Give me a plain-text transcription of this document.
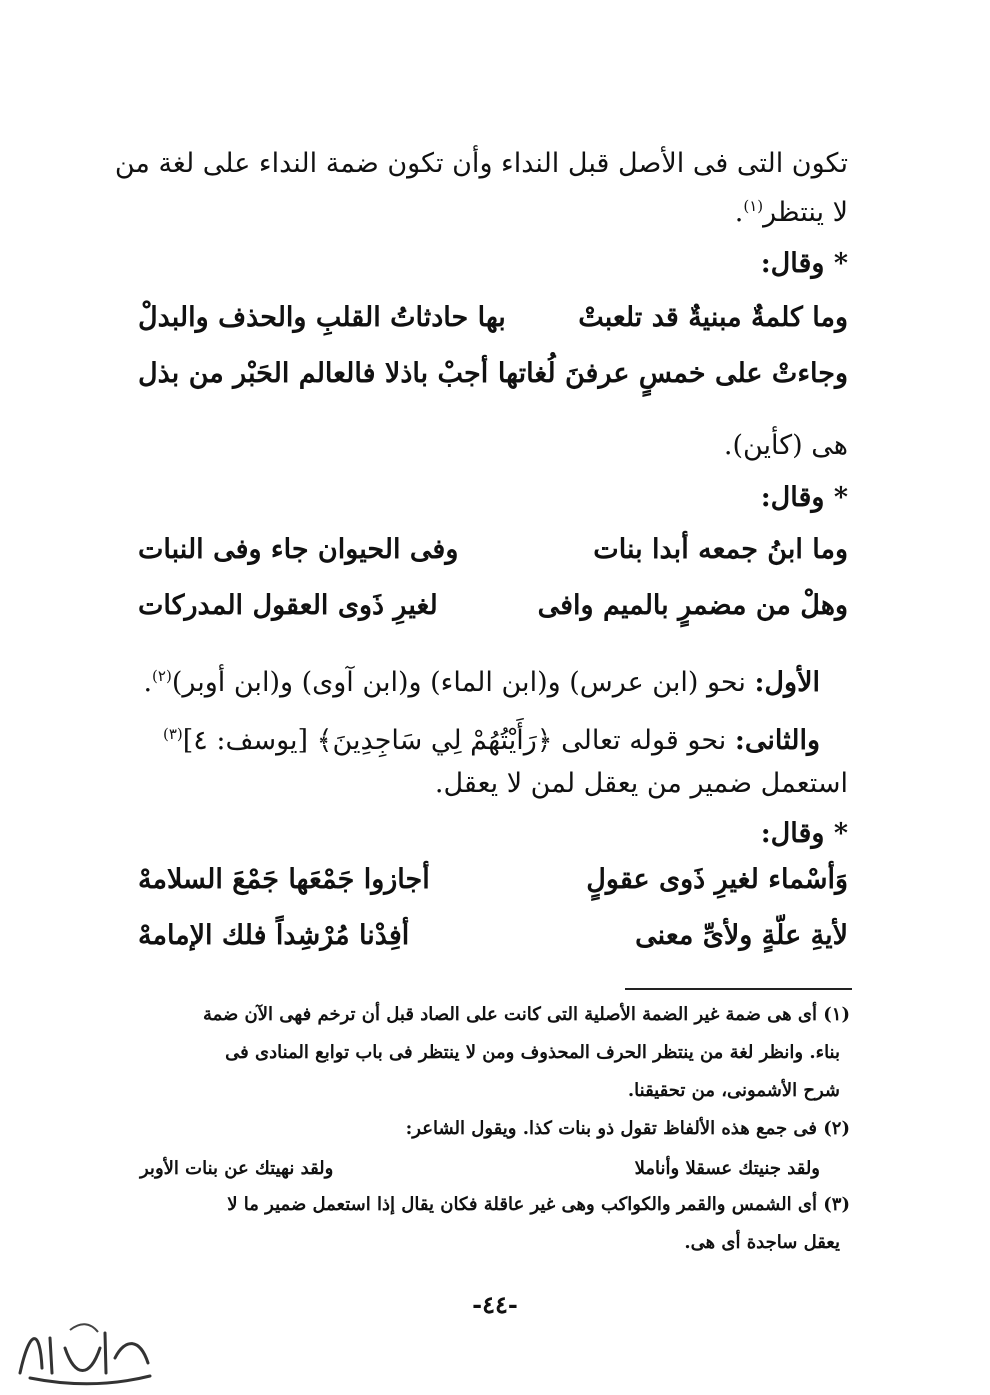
تكون التى فى الأصل قبل النداء وأن تكون ضمة النداء على لغة من
لا ينتظر$^{(١)}$.
* وقال:
وما كلمةٌ مبنيةٌ قد تلعبتْ
بها حادثاتُ القلبِ والحذف والبدلْ
وجاءتْ على خمسٍ عرفنَ لُغاتها
أجبْ باذلا فالعالم الحَبْر من بذل
هى (كأين).
* وقال:
وما ابنُ جمعه أبدا بنات
وفى الحيوان جاء وفى النبات
وهلْ من مضمرٍ بالميم وافى
لغيرِ ذَوى العقول المدركات
الأول: نحو (ابن عرس) و(ابن الماء) و(ابن آوى) و(ابن أوبر)$^{(٢)}$.
والثانى: نحو قوله تعالى ﴿رَأَيْتُهُمْ لِي سَاجِدِينَ﴾ [يوسف: ٤]$^{(٣)}$
استعمل ضمير من يعقل لمن لا يعقل.
* وقال:
وَأسْماء لغيرِ ذَوى عقولٍ
أجازوا جَمْعَها جَمْعَ السلامهْ
لأيةِ علّةٍ ولأىِّ معنى
أفِدْنا مُرْشِداً فلك الإمامهْ
(١) أى هى ضمة غير الضمة الأصلية التى كانت على الصاد قبل أن ترخم فهى الآن ضمة
بناء. وانظر لغة من ينتظر الحرف المحذوف ومن لا ينتظر فى باب توابع المنادى فى
شرح الأشمونى، من تحقيقنا.
(٢) فى جمع هذه الألفاظ تقول ذو بنات كذا. ويقول الشاعر:
ولقد جنيتك عسقلا وأناملا
ولقد نهيتك عن بنات الأوبر
(٣) أى الشمس والقمر والكواكب وهى غير عاقلة فكان يقال إذا استعمل ضمير ما لا
يعقل ساجدة أى هى.
-٤٤-
